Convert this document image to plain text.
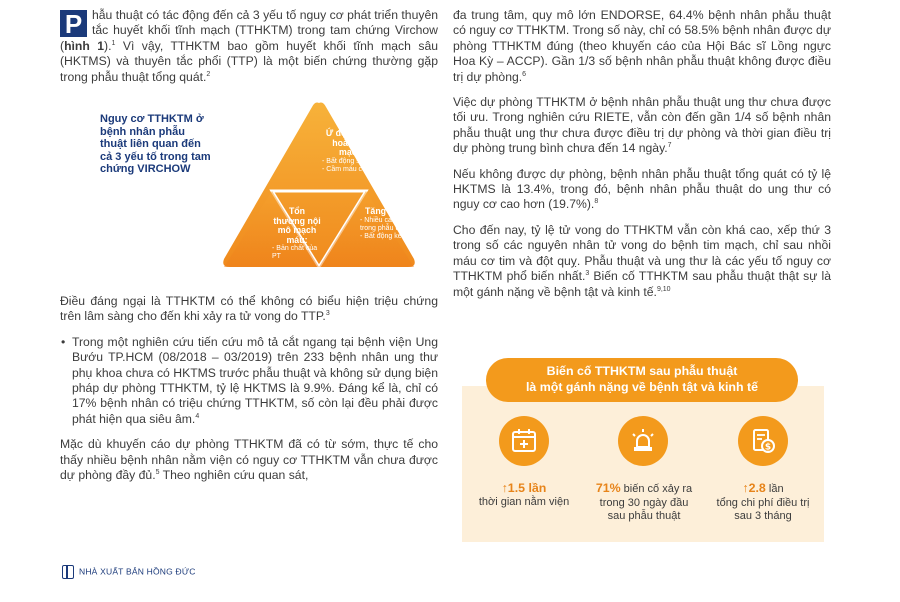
P hẫu thuật có tác động đến cả 3 yếu tố nguy cơ phát triển thuyên tắc huyết khối tĩnh mạch (TTHKTM) trong tam chứng Virchow (hình 1).$^1$ Vì vậy, TTHKTM bao gồm huyết khối tĩnh mạch sâu (HKTMS) và thuyên tắc phổi (TTP) là một biến chứng thường gặp trong phẫu thuật tổng quát.$^2$

Nguy cơ TTHKTM ở bệnh nhân phẫu thuật liên quan đến cả 3 yếu tố trong tam chứng VIRCHOW
Ứ đọng tuần hoàn tĩnh mạch:
- Bất động sau PT;
- Cầm máu cơ học
Tổn thương nội mô mạch máu:
- Bản chất của PT
Tăng đông:
- Nhiều can thiệp trong phẫu thuật
- Bất động kéo dài

Điều đáng ngại là TTHKTM có thể không có biểu hiện triệu chứng trên lâm sàng cho đến khi xảy ra tử vong do TTP.$^3$

• Trong một nghiên cứu tiến cứu mô tả cắt ngang tại bệnh viện Ung Bướu TP.HCM (08/2018 – 03/2019) trên 233 bệnh nhân ung thư phụ khoa chưa có HKTMS trước phẫu thuật và không sử dụng biện pháp dự phòng TTHKTM, tỷ lệ HKTMS là 9.9%. Đáng kể là, chỉ có 17% bệnh nhân có triệu chứng TTHKTM, số còn lại đều phải được phát hiện qua siêu âm.$^4$

Mặc dù khuyến cáo dự phòng TTHKTM đã có từ sớm, thực tế cho thấy nhiều bệnh nhân nằm viện có nguy cơ TTHKTM vẫn chưa được dự phòng đầy đủ.$^5$ Theo nghiên cứu quan sát,

đa trung tâm, quy mô lớn ENDORSE, 64.4% bệnh nhân phẫu thuật có nguy cơ TTHKTM. Trong số này, chỉ có 58.5% bệnh nhân được dự phòng TTHKTM đúng (theo khuyến cáo của Hội Bác sĩ Lồng ngực Hoa Kỳ – ACCP). Gần 1/3 số bệnh nhân phẫu thuật không được điều trị dự phòng.$^6$

Việc dự phòng TTHKTM ở bệnh nhân phẫu thuật ung thư chưa được tối ưu. Trong nghiên cứu RIETE, vẫn còn đến gần 1/4 số bệnh nhân phẫu thuật ung thư chưa được điều trị dự phòng và thời gian điều trị dự phòng trung bình chưa đến 14 ngày.$^7$

Nếu không được dự phòng, bệnh nhân phẫu thuật tổng quát có tỷ lệ HKTMS là 13.4%, trong đó, bệnh nhân phẫu thuật do ung thư có nguy cơ cao hơn (19.7%).$^8$

Cho đến nay, tỷ lệ tử vong do TTHKTM vẫn còn khá cao, xếp thứ 3 trong số các nguyên nhân tử vong do bệnh tim mạch, chỉ sau nhồi máu cơ tim và đột quỵ. Phẫu thuật và ung thư là các yếu tố nguy cơ TTHKTM phổ biến nhất.$^3$ Biến cố TTHKTM sau phẫu thuật thật sự là một gánh nặng về bệnh tật và kinh tế.$^{9,10}$

$
↑1.5 lần
thời gian nằm viện
71% biến cố xảy ra
trong 30 ngày đầu
sau phẫu thuật
↑2.8 lần
tổng chi phí điều trị
sau 3 tháng
Biến cố TTHKTM sau phẫu thuật
là một gánh nặng về bệnh tật và kinh tế
NHÀ XUẤT BẢN HỒNG ĐỨC
